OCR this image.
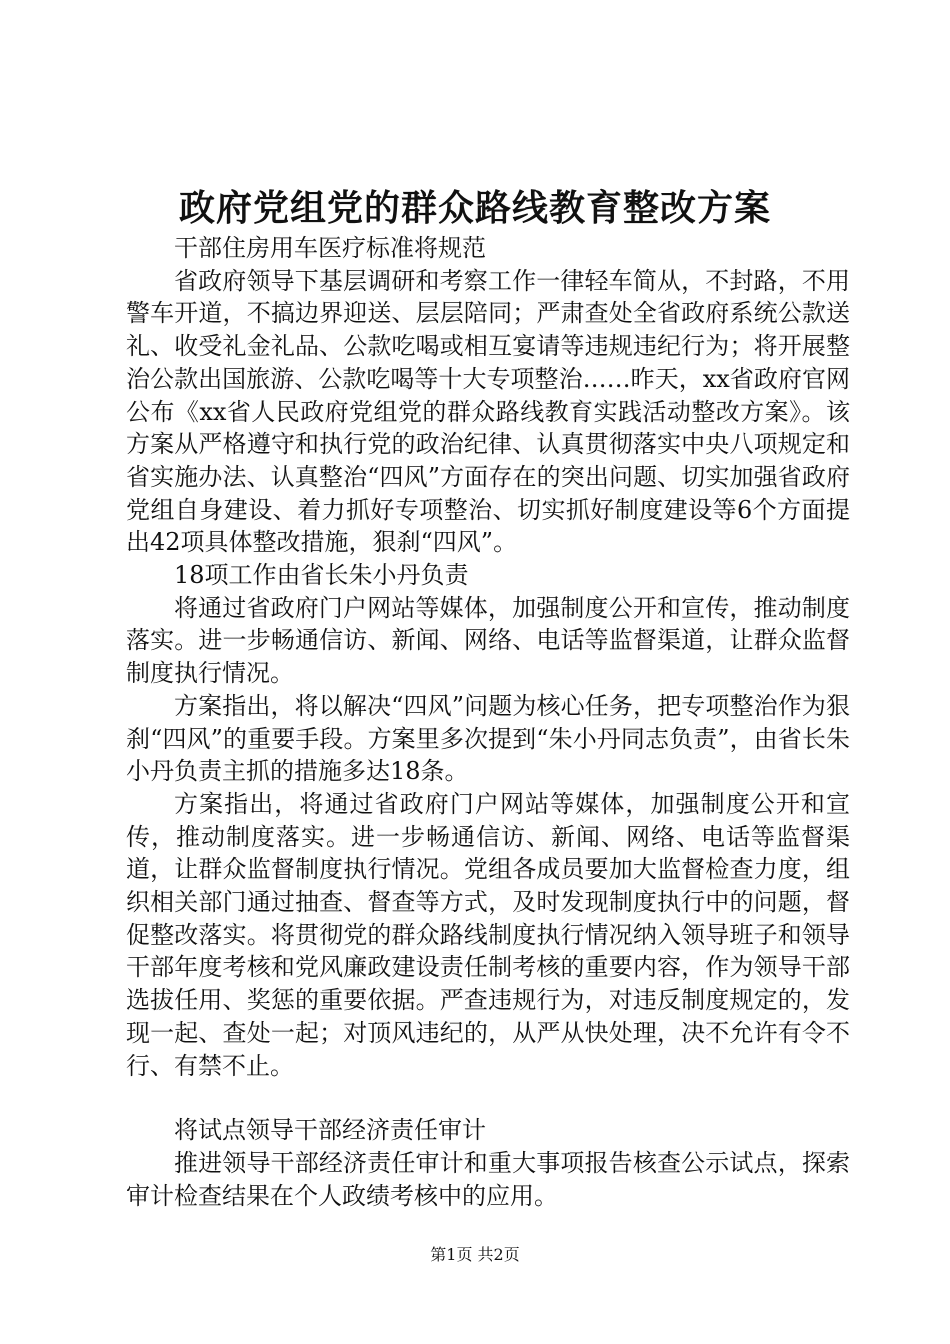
政府党组党的群众路线教育整改方案

干部住房用车医疗标准将规范

省政府领导下基层调研和考察工作一律轻车简从，不封路，不用警车开道，不搞边界迎送、层层陪同；严肃查处全省政府系统公款送礼、收受礼金礼品、公款吃喝或相互宴请等违规违纪行为；将开展整治公款出国旅游、公款吃喝等十大专项整治……昨天，xx省政府官网公布《xx省人民政府党组党的群众路线教育实践活动整改方案》。该方案从严格遵守和执行党的政治纪律、认真贯彻落实中央八项规定和省实施办法、认真整治“四风”方面存在的突出问题、切实加强省政府党组自身建设、着力抓好专项整治、切实抓好制度建设等6个方面提出42项具体整改措施，狠刹“四风”。

18项工作由省长朱小丹负责

将通过省政府门户网站等媒体，加强制度公开和宣传，推动制度落实。进一步畅通信访、新闻、网络、电话等监督渠道，让群众监督制度执行情况。

方案指出，将以解决“四风”问题为核心任务，把专项整治作为狠刹“四风”的重要手段。方案里多次提到“朱小丹同志负责”，由省长朱小丹负责主抓的措施多达18条。

方案指出，将通过省政府门户网站等媒体，加强制度公开和宣传，推动制度落实。进一步畅通信访、新闻、网络、电话等监督渠道，让群众监督制度执行情况。党组各成员要加大监督检查力度，组织相关部门通过抽查、督查等方式，及时发现制度执行中的问题，督促整改落实。将贯彻党的群众路线制度执行情况纳入领导班子和领导干部年度考核和党风廉政建设责任制考核的重要内容，作为领导干部选拔任用、奖惩的重要依据。严查违规行为，对违反制度规定的，发现一起、查处一起；对顶风违纪的，从严从快处理，决不允许有令不行、有禁不止。

将试点领导干部经济责任审计

推进领导干部经济责任审计和重大事项报告核查公示试点，探索审计检查结果在个人政绩考核中的应用。

第1页 共2页
